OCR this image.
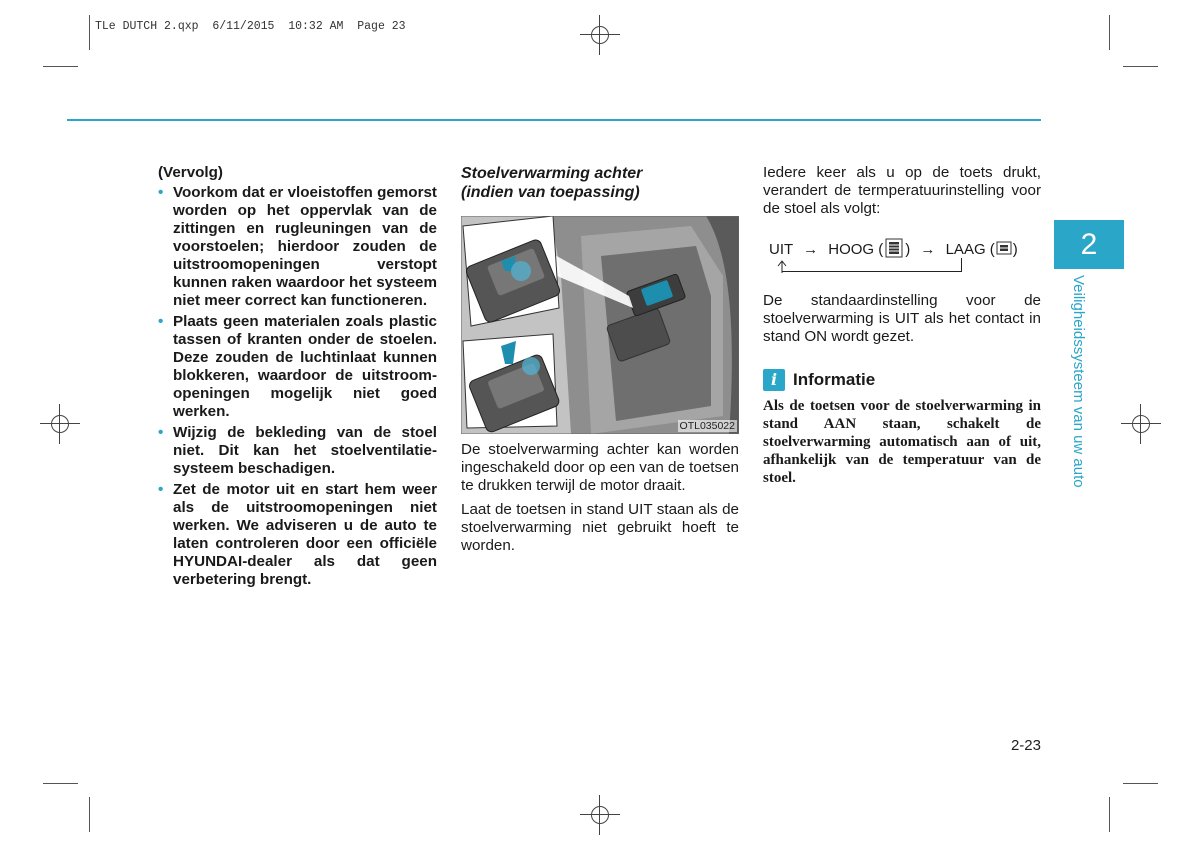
TLe DUTCH 2.qxp  6/11/2015  10:32 AM  Page 23
(Vervolg)
• Voorkom dat er vloeistoffen gemorst worden op het oppervlak van de zittingen en rugleuningen van de voorstoelen; hierdoor zouden de uitstroomopeningen verstopt kunnen raken waardoor het systeem niet meer correct kan functioneren.
• Plaats geen materialen zoals plastic tassen of kranten onder de stoelen. Deze zouden de luchtinlaat kunnen blokkeren, waardoor de uitstroom-openingen mogelijk niet goed werken.
• Wijzig de bekleding van de stoel niet. Dit kan het stoelventilatie-systeem beschadigen.
• Zet de motor uit en start hem weer als de uitstroomopeningen niet werken. We adviseren u de auto te laten controleren door een officiële HYUNDAI-dealer als dat geen verbetering brengt.
Stoelverwarming achter
(indien van toepassing)
OTL035022
De stoelverwarming achter kan worden ingeschakeld door op een van de toetsen te drukken terwijl de motor draait.
Laat de toetsen in stand UIT staan als de stoelverwarming niet gebruikt hoeft te worden.
Iedere keer als u op de toets drukt, verandert de termperatuurinstelling voor de stoel als volgt:
UIT → HOOG ( ) → LAAG ( )
De standaardinstelling voor de stoelverwarming is UIT als het contact in stand ON wordt gezet.
i Informatie
Als de toetsen voor de stoelverwarming in stand AAN staan, schakelt de stoelverwarming automatisch aan of uit, afhankelijk van de temperatuur van de stoel.
2
Veiligheidssysteem van uw auto
2-23
